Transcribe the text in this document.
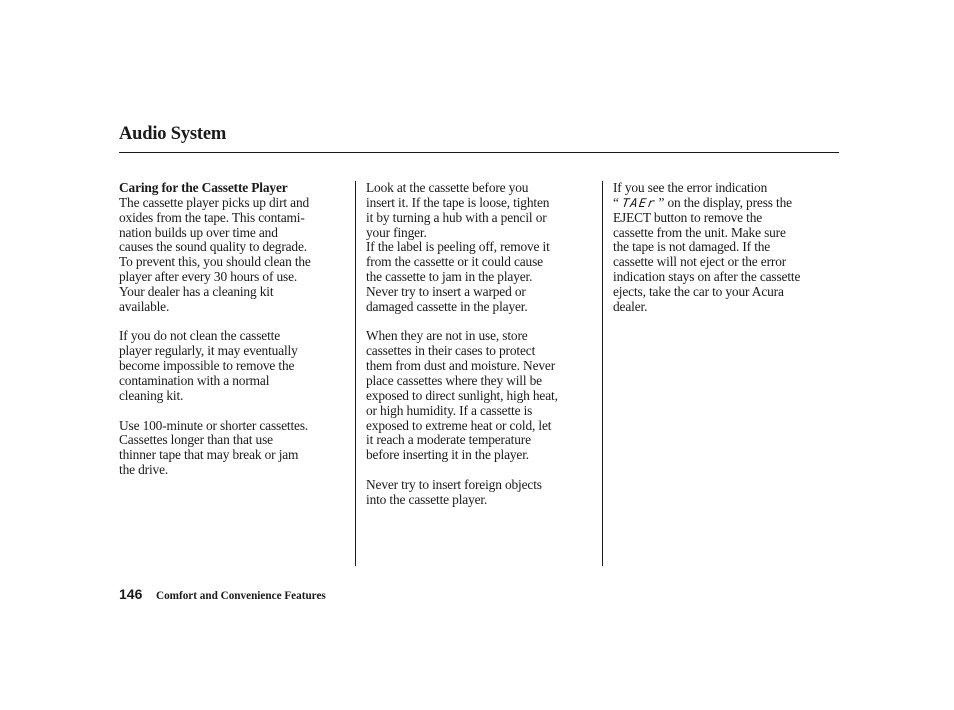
Audio System

Caring for the Cassette Player

The cassette player picks up dirt and
oxides from the tape. This contami-
nation builds up over time and
causes the sound quality to degrade.
To prevent this, you should clean the
player after every 30 hours of use.
Your dealer has a cleaning kit
available.

If you do not clean the cassette
player regularly, it may eventually
become impossible to remove the
contamination with a normal
cleaning kit.

Use 100-minute or shorter cassettes.
Cassettes longer than that use
thinner tape that may break or jam
the drive.

Look at the cassette before you
insert it. If the tape is loose, tighten
it by turning a hub with a pencil or
your finger.
If the label is peeling off, remove it
from the cassette or it could cause
the cassette to jam in the player.
Never try to insert a warped or
damaged cassette in the player.

When they are not in use, store
cassettes in their cases to protect
them from dust and moisture. Never
place cassettes where they will be
exposed to direct sunlight, high heat,
or high humidity. If a cassette is
exposed to extreme heat or cold, let
it reach a moderate temperature
before inserting it in the player.

Never try to insert foreign objects
into the cassette player.

If you see the error indication
“ TAEr ” on the display, press the
EJECT button to remove the
cassette from the unit. Make sure
the tape is not damaged. If the
cassette will not eject or the error
indication stays on after the cassette
ejects, take the car to your Acura
dealer.

146 Comfort and Convenience Features
